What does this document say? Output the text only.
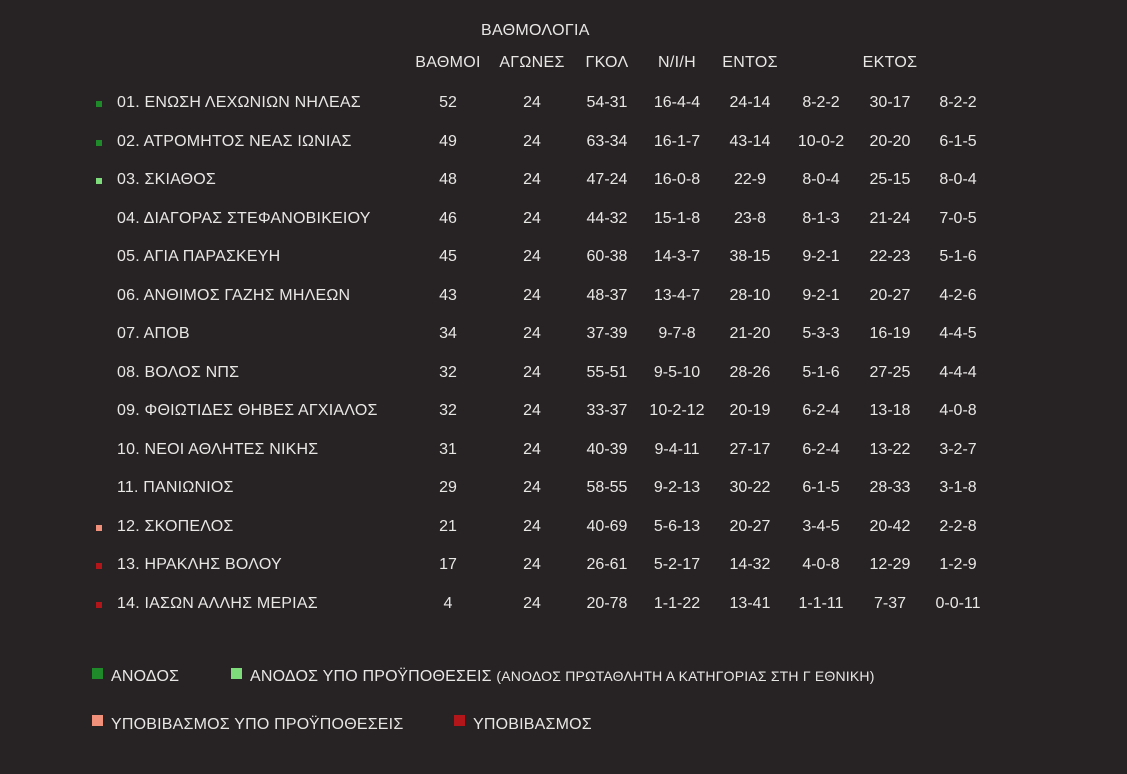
ΒΑΘΜΟΛΟΓΙΑ
ΒΑΘΜΟΙ	ΑΓΩΝΕΣ	ΓΚΟΛ	Ν/Ι/Η	ΕΝΤΟΣ	ΕΚΤΟΣ
01. ΕΝΩΣΗ ΛΕΧΩΝΙΩΝ ΝΗΛΕΑΣ	52	24	54-31	16-4-4	24-14	8-2-2	30-17	8-2-2
02. ΑΤΡΟΜΗΤΟΣ ΝΕΑΣ ΙΩΝΙΑΣ	49	24	63-34	16-1-7	43-14	10-0-2	20-20	6-1-5
03. ΣΚΙΑΘΟΣ	48	24	47-24	16-0-8	22-9	8-0-4	25-15	8-0-4
04. ΔΙΑΓΟΡΑΣ ΣΤΕΦΑΝΟΒΙΚΕΙΟΥ	46	24	44-32	15-1-8	23-8	8-1-3	21-24	7-0-5
05. ΑΓΙΑ ΠΑΡΑΣΚΕΥΗ	45	24	60-38	14-3-7	38-15	9-2-1	22-23	5-1-6
06. ΑΝΘΙΜΟΣ ΓΑΖΗΣ ΜΗΛΕΩΝ	43	24	48-37	13-4-7	28-10	9-2-1	20-27	4-2-6
07. ΑΠΟΒ	34	24	37-39	9-7-8	21-20	5-3-3	16-19	4-4-5
08. ΒΟΛΟΣ ΝΠΣ	32	24	55-51	9-5-10	28-26	5-1-6	27-25	4-4-4
09. ΦΘΙΩΤΙΔΕΣ ΘΗΒΕΣ ΑΓΧΙΑΛΟΣ	32	24	33-37	10-2-12	20-19	6-2-4	13-18	4-0-8
10. ΝΕΟΙ ΑΘΛΗΤΕΣ ΝΙΚΗΣ	31	24	40-39	9-4-11	27-17	6-2-4	13-22	3-2-7
11. ΠΑΝΙΩΝΙΟΣ	29	24	58-55	9-2-13	30-22	6-1-5	28-33	3-1-8
12. ΣΚΟΠΕΛΟΣ	21	24	40-69	5-6-13	20-27	3-4-5	20-42	2-2-8
13. ΗΡΑΚΛΗΣ ΒΟΛΟΥ	17	24	26-61	5-2-17	14-32	4-0-8	12-29	1-2-9
14. ΙΑΣΩΝ ΑΛΛΗΣ ΜΕΡΙΑΣ	4	24	20-78	1-1-22	13-41	1-1-11	7-37	0-0-11
ΑΝΟΔΟΣ	ΑΝΟΔΟΣ ΥΠΟ ΠΡΟΫΠΟΘΕΣΕΙΣ (ΑΝΟΔΟΣ ΠΡΩΤΑΘΛΗΤΗ Α ΚΑΤΗΓΟΡΙΑΣ ΣΤΗ Γ ΕΘΝΙΚΗ)
ΥΠΟΒΙΒΑΣΜΟΣ ΥΠΟ ΠΡΟΫΠΟΘΕΣΕΙΣ	ΥΠΟΒΙΒΑΣΜΟΣ
